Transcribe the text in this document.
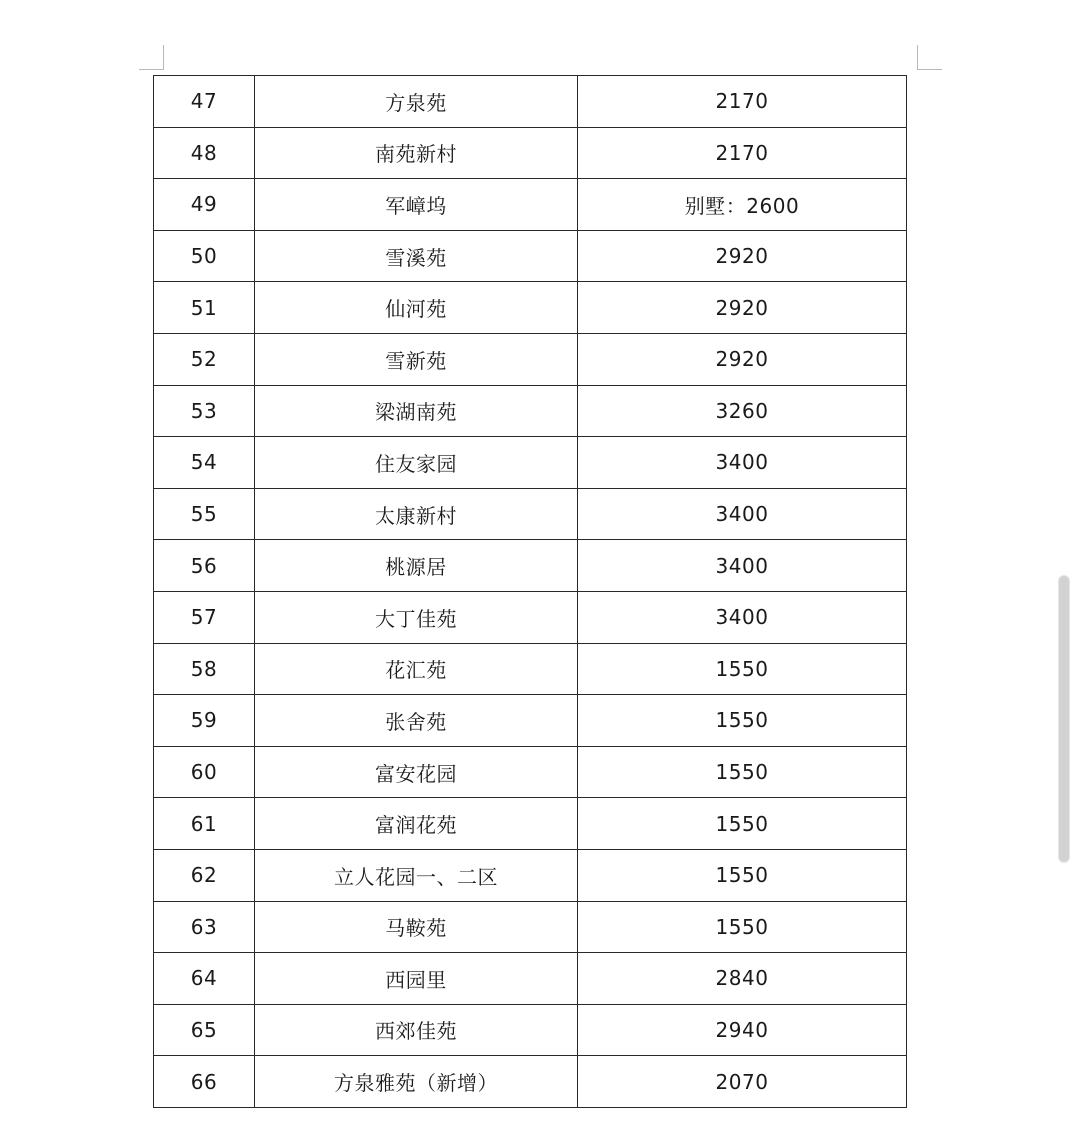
47	方泉苑	2170
48	南苑新村	2170
49	军嶂坞	别墅：2600
50	雪溪苑	2920
51	仙河苑	2920
52	雪新苑	2920
53	梁湖南苑	3260
54	住友家园	3400
55	太康新村	3400
56	桃源居	3400
57	大丁佳苑	3400
58	花汇苑	1550
59	张舍苑	1550
60	富安花园	1550
61	富润花苑	1550
62	立人花园一、二区	1550
63	马鞍苑	1550
64	西园里	2840
65	西郊佳苑	2940
66	方泉雅苑（新增）	2070
